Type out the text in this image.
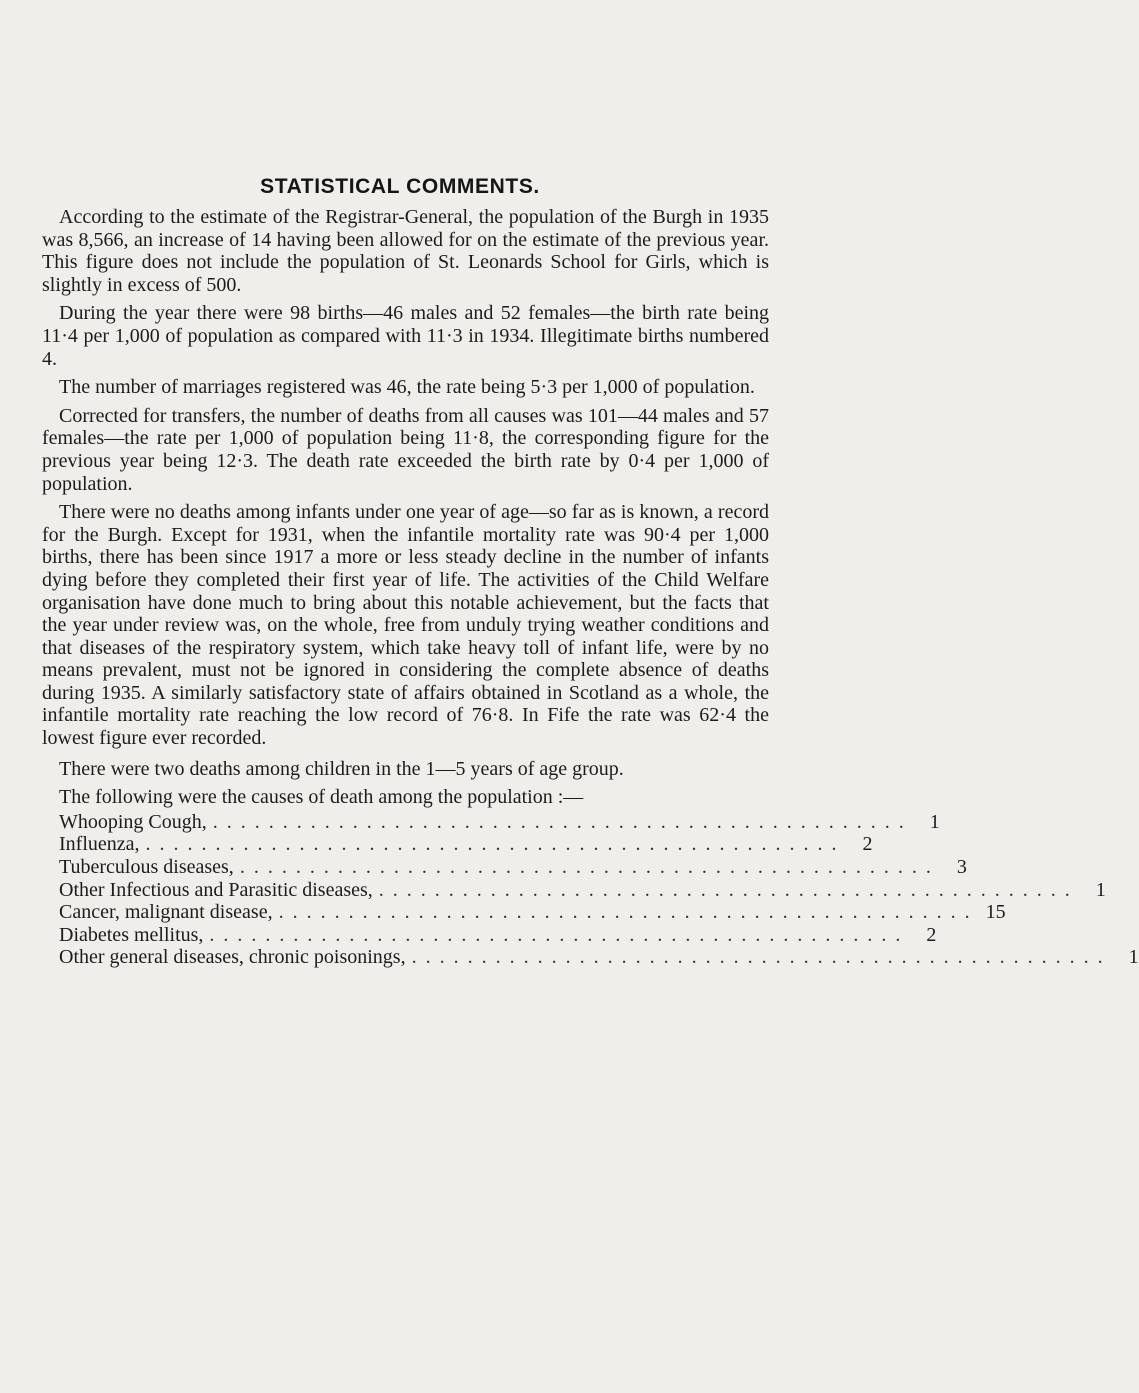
STATISTICAL COMMENTS.

According to the estimate of the Registrar-General, the population of the Burgh in 1935 was 8,566, an increase of 14 having been allowed for on the estimate of the previous year. This figure does not include the population of St. Leonards School for Girls, which is slightly in excess of 500.

During the year there were 98 births—46 males and 52 females—the birth rate being 11·4 per 1,000 of population as compared with 11·3 in 1934. Illegitimate births numbered 4.

The number of marriages registered was 46, the rate being 5·3 per 1,000 of population.

Corrected for transfers, the number of deaths from all causes was 101—44 males and 57 females—the rate per 1,000 of population being 11·8, the corresponding figure for the previous year being 12·3. The death rate exceeded the birth rate by 0·4 per 1,000 of population.

There were no deaths among infants under one year of age—so far as is known, a record for the Burgh. Except for 1931, when the infantile mortality rate was 90·4 per 1,000 births, there has been since 1917 a more or less steady decline in the number of infants dying before they completed their first year of life. The activities of the Child Welfare organisation have done much to bring about this notable achievement, but the facts that the year under review was, on the whole, free from unduly trying weather conditions and that diseases of the respiratory system, which take heavy toll of infant life, were by no means prevalent, must not be ignored in considering the complete absence of deaths during 1935. A similarly satisfactory state of affairs obtained in Scotland as a whole, the infantile mortality rate reaching the low record of 76·8. In Fife the rate was 62·4 the lowest figure ever recorded.

There were two deaths among children in the 1—5 years of age group.

The following were the causes of death among the population :—

Whooping Cough, . . . . . . . . . . . . . . . . . . . . . . . . . . . . . . . . . . . . . . . . . . . . . . . . . .	1
Influenza, . . . . . . . . . . . . . . . . . . . . . . . . . . . . . . . . . . . . . . . . . . . . . . . . . .	2
Tuberculous diseases, . . . . . . . . . . . . . . . . . . . . . . . . . . . . . . . . . . . . . . . . . . . . . . . . . .	3
Other Infectious and Parasitic diseases, . . . . . . . . . . . . . . . . . . . . . . . . . . . . . . . . . . . . . . . . . . . . . . . . . .	1
Cancer, malignant disease, . . . . . . . . . . . . . . . . . . . . . . . . . . . . . . . . . . . . . . . . . . . . . . . . . . 15
Diabetes mellitus, . . . . . . . . . . . . . . . . . . . . . . . . . . . . . . . . . . . . . . . . . . . . . . . . . .	2
Other general diseases, chronic poisonings, . . . . . . . . . . . . . . . . . . . . . . . . . . . . . . . . . . . . . . . . . . . . . . . . . .	1
